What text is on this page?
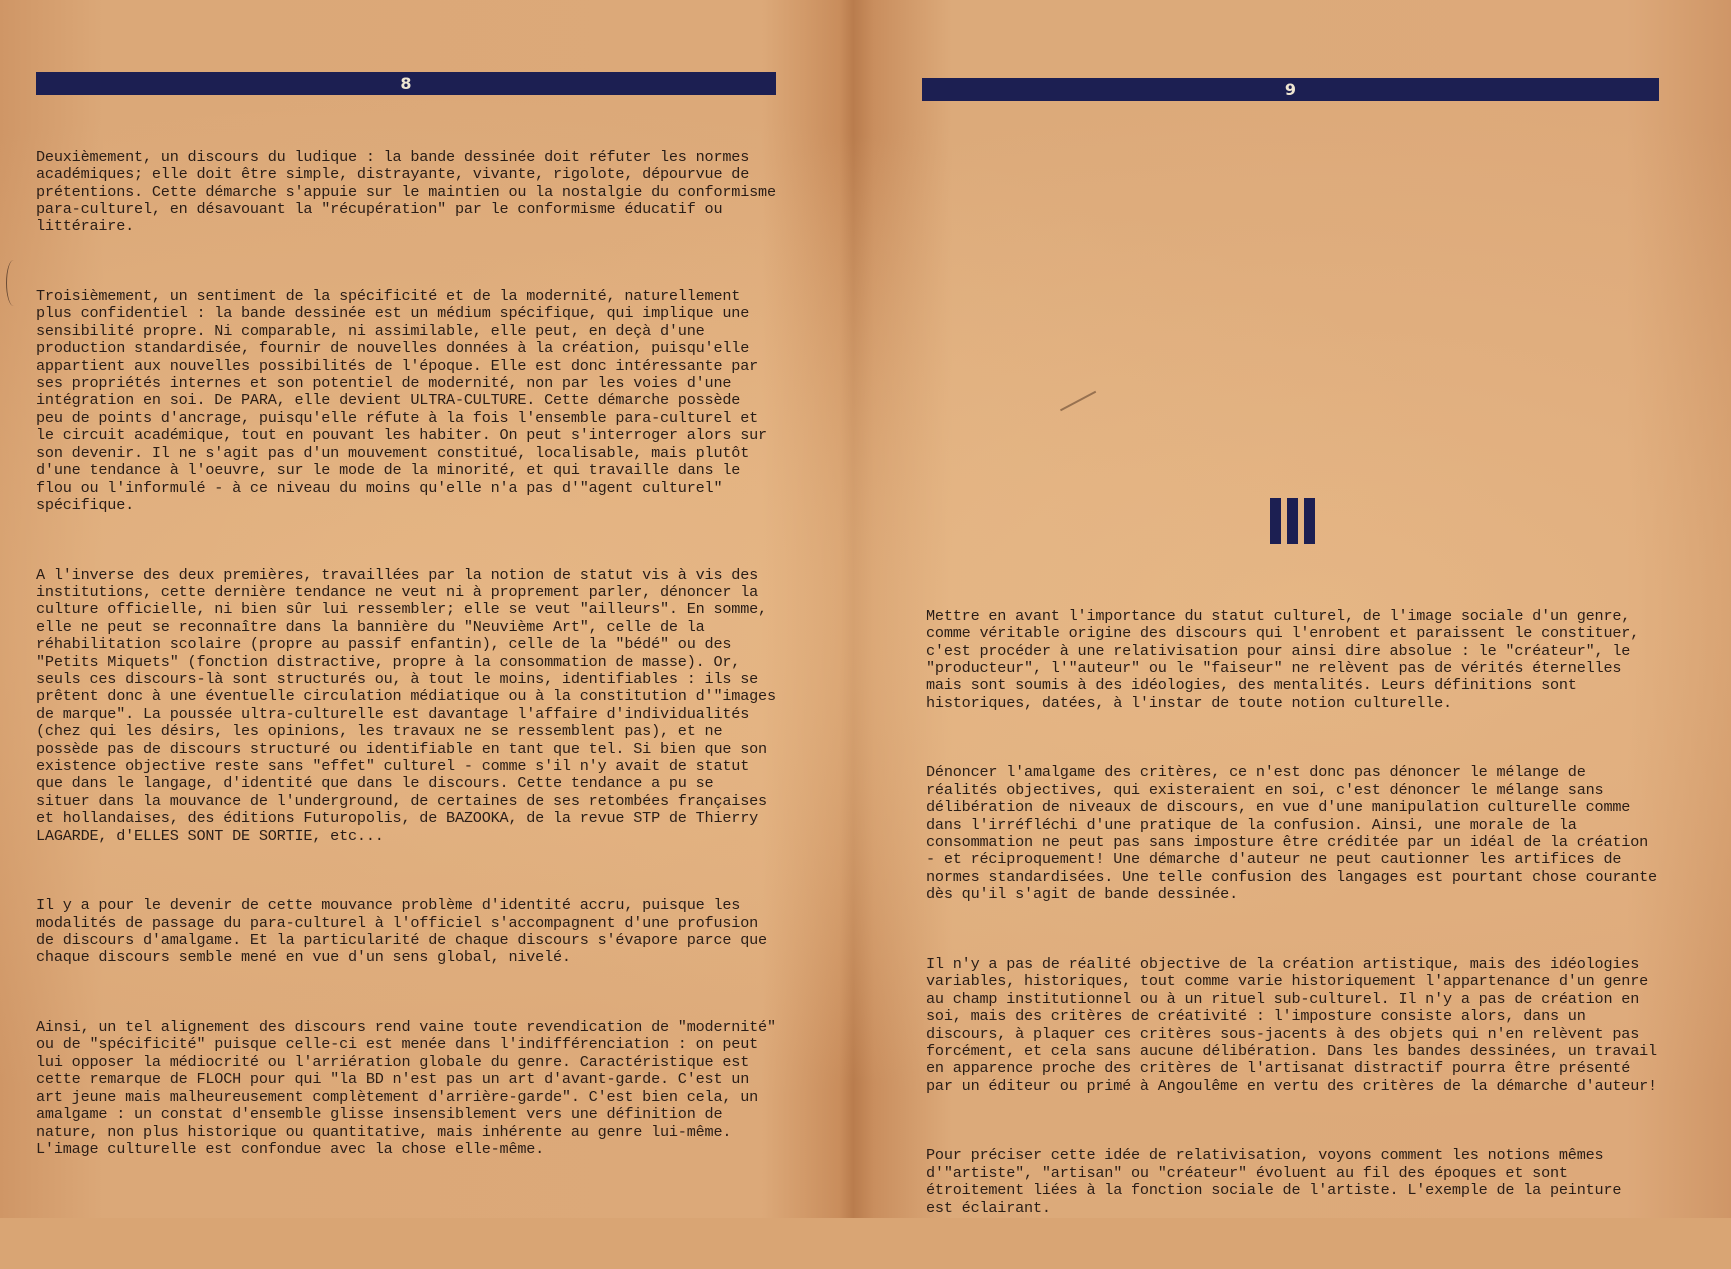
8

Deuxièmement, un discours du ludique : la bande dessinée doit réfuter les normes
académiques; elle doit être simple, distrayante, vivante, rigolote, dépourvue de
prétentions. Cette démarche s'appuie sur le maintien ou la nostalgie du conformisme
para-culturel, en désavouant la "récupération" par le conformisme éducatif ou
littéraire.

Troisièmement, un sentiment de la spécificité et de la modernité, naturellement
plus confidentiel : la bande dessinée est un médium spécifique, qui implique une
sensibilité propre. Ni comparable, ni assimilable, elle peut, en deçà d'une
production standardisée, fournir de nouvelles données à la création, puisqu'elle
appartient aux nouvelles possibilités de l'époque. Elle est donc intéressante par
ses propriétés internes et son potentiel de modernité, non par les voies d'une
intégration en soi. De PARA, elle devient ULTRA-CULTURE. Cette démarche possède
peu de points d'ancrage, puisqu'elle réfute à la fois l'ensemble para-culturel et
le circuit académique, tout en pouvant les habiter. On peut s'interroger alors sur
son devenir. Il ne s'agit pas d'un mouvement constitué, localisable, mais plutôt
d'une tendance à l'oeuvre, sur le mode de la minorité, et qui travaille dans le
flou ou l'informulé - à ce niveau du moins qu'elle n'a pas d'"agent culturel"
spécifique.

A l'inverse des deux premières, travaillées par la notion de statut vis à vis des
institutions, cette dernière tendance ne veut ni à proprement parler, dénoncer la
culture officielle, ni bien sûr lui ressembler; elle se veut "ailleurs". En somme,
elle ne peut se reconnaître dans la bannière du "Neuvième Art", celle de la
réhabilitation scolaire (propre au passif enfantin), celle de la "bédé" ou des
"Petits Miquets" (fonction distractive, propre à la consommation de masse). Or,
seuls ces discours-là sont structurés ou, à tout le moins, identifiables : ils se
prêtent donc à une éventuelle circulation médiatique ou à la constitution d'"images
de marque". La poussée ultra-culturelle est davantage l'affaire d'individualités
(chez qui les désirs, les opinions, les travaux ne se ressemblent pas), et ne
possède pas de discours structuré ou identifiable en tant que tel. Si bien que son
existence objective reste sans "effet" culturel - comme s'il n'y avait de statut
que dans le langage, d'identité que dans le discours. Cette tendance a pu se
situer dans la mouvance de l'underground, de certaines de ses retombées françaises
et hollandaises, des éditions Futuropolis, de BAZOOKA, de la revue STP de Thierry
LAGARDE, d'ELLES SONT DE SORTIE, etc...

Il y a pour le devenir de cette mouvance problème d'identité accru, puisque les
modalités de passage du para-culturel à l'officiel s'accompagnent d'une profusion
de discours d'amalgame. Et la particularité de chaque discours s'évapore parce que
chaque discours semble mené en vue d'un sens global, nivelé.

Ainsi, un tel alignement des discours rend vaine toute revendication de "modernité"
ou de "spécificité" puisque celle-ci est menée dans l'indifférenciation : on peut
lui opposer la médiocrité ou l'arriération globale du genre. Caractéristique est
cette remarque de FLOCH pour qui "la BD n'est pas un art d'avant-garde. C'est un
art jeune mais malheureusement complètement d'arrière-garde". C'est bien cela, un
amalgame : un constat d'ensemble glisse insensiblement vers une définition de
nature, non plus historique ou quantitative, mais inhérente au genre lui-même.
L'image culturelle est confondue avec la chose elle-même.

9

Mettre en avant l'importance du statut culturel, de l'image sociale d'un genre,
comme véritable origine des discours qui l'enrobent et paraissent le constituer,
c'est procéder à une relativisation pour ainsi dire absolue : le "créateur", le
"producteur", l'"auteur" ou le "faiseur" ne relèvent pas de vérités éternelles
mais sont soumis à des idéologies, des mentalités. Leurs définitions sont
historiques, datées, à l'instar de toute notion culturelle.

Dénoncer l'amalgame des critères, ce n'est donc pas dénoncer le mélange de
réalités objectives, qui existeraient en soi, c'est dénoncer le mélange sans
délibération de niveaux de discours, en vue d'une manipulation culturelle comme
dans l'irréfléchi d'une pratique de la confusion. Ainsi, une morale de la
consommation ne peut pas sans imposture être créditée par un idéal de la création
- et réciproquement! Une démarche d'auteur ne peut cautionner les artifices de
normes standardisées. Une telle confusion des langages est pourtant chose courante
dès qu'il s'agit de bande dessinée.

Il n'y a pas de réalité objective de la création artistique, mais des idéologies
variables, historiques, tout comme varie historiquement l'appartenance d'un genre
au champ institutionnel ou à un rituel sub-culturel. Il n'y a pas de création en
soi, mais des critères de créativité : l'imposture consiste alors, dans un
discours, à plaquer ces critères sous-jacents à des objets qui n'en relèvent pas
forcément, et cela sans aucune délibération. Dans les bandes dessinées, un travail
en apparence proche des critères de l'artisanat distractif pourra être présenté
par un éditeur ou primé à Angoulême en vertu des critères de la démarche d'auteur!

Pour préciser cette idée de relativisation, voyons comment les notions mêmes
d'"artiste", "artisan" ou "créateur" évoluent au fil des époques et sont
étroitement liées à la fonction sociale de l'artiste. L'exemple de la peinture
est éclairant.
